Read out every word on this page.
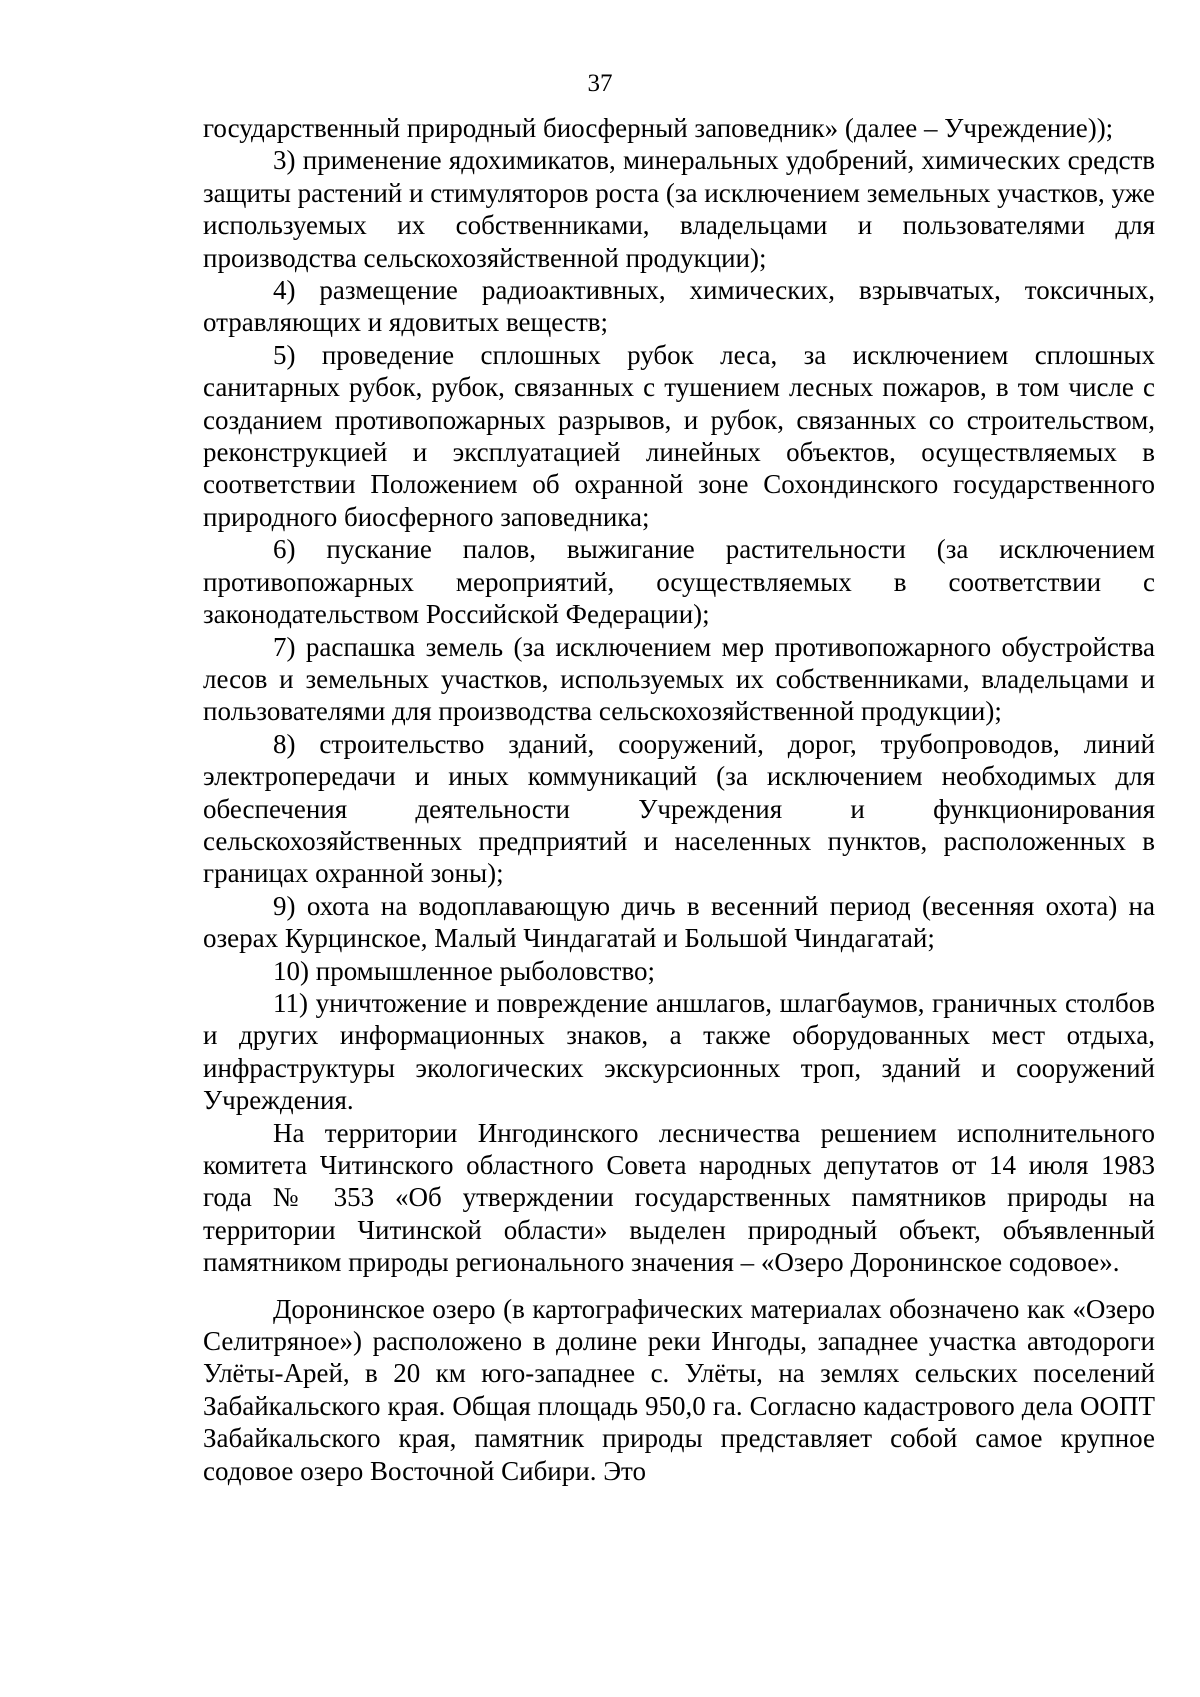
37

государственный природный биосферный заповедник» (далее – Учреждение));

3) применение ядохимикатов, минеральных удобрений, химических средств защиты растений и стимуляторов роста (за исключением земельных участков, уже используемых их собственниками, владельцами и пользователями для производства сельскохозяйственной продукции);

4) размещение радиоактивных, химических, взрывчатых, токсичных, отравляющих и ядовитых веществ;

5) проведение сплошных рубок леса, за исключением сплошных санитарных рубок, рубок, связанных с тушением лесных пожаров, в том числе с созданием противопожарных разрывов, и рубок, связанных со строительством, реконструкцией и эксплуатацией линейных объектов, осуществляемых в соответствии Положением об охранной зоне Сохондинского государственного природного биосферного заповедника;

6) пускание палов, выжигание растительности (за исключением противопожарных мероприятий, осуществляемых в соответствии с законодательством Российской Федерации);

7) распашка земель (за исключением мер противопожарного обустройства лесов и земельных участков, используемых их собственниками, владельцами и пользователями для производства сельскохозяйственной продукции);

8) строительство зданий, сооружений, дорог, трубопроводов, линий электропередачи и иных коммуникаций (за исключением необходимых для обеспечения деятельности Учреждения и функционирования сельскохозяйственных предприятий и населенных пунктов, расположенных в границах охранной зоны);

9) охота на водоплавающую дичь в весенний период (весенняя охота) на озерах Курцинское, Малый Чиндагатай и Большой Чиндагатай;

10) промышленное рыболовство;

11) уничтожение и повреждение аншлагов, шлагбаумов, граничных столбов и других информационных знаков, а также оборудованных мест отдыха, инфраструктуры экологических экскурсионных троп, зданий и сооружений Учреждения.

На территории Ингодинского лесничества решением исполнительного комитета Читинского областного Совета народных депутатов от 14 июля 1983 года № 353 «Об утверждении государственных памятников природы на территории Читинской области» выделен природный объект, объявленный памятником природы регионального значения – «Озеро Доронинское содовое».

Доронинское озеро (в картографических материалах обозначено как «Озеро Селитряное») расположено в долине реки Ингоды, западнее участка автодороги Улёты-Арей, в 20 км юго-западнее с. Улёты, на землях сельских поселений Забайкальского края. Общая площадь 950,0 га. Согласно кадастрового дела ООПТ Забайкальского края, памятник природы представляет собой самое крупное содовое озеро Восточной Сибири. Это
